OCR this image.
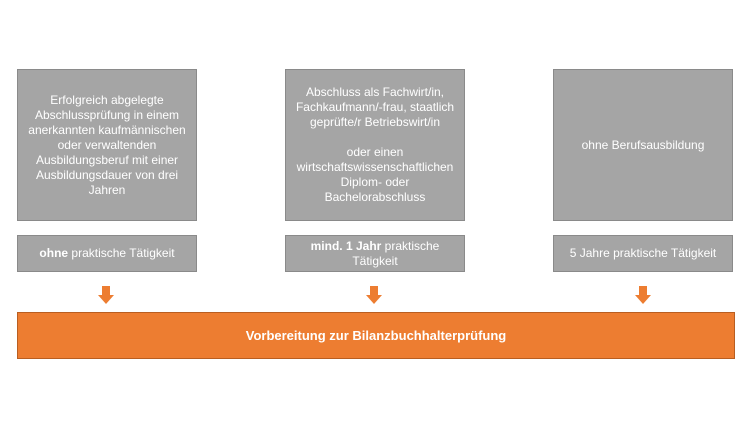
Erfolgreich abgelegte Abschlussprüfung in einem anerkannten kaufmännischen oder verwaltenden Ausbildungsberuf mit einer Ausbildungsdauer von drei Jahren
ohne praktische Tätigkeit
Abschluss als Fachwirt/in, Fachkaufmann/-frau, staatlich geprüfte/r Betriebswirt/in
oder einen wirtschaftswissenschaftlichen Diplom- oder Bachelorabschluss
mind. 1 Jahr praktische Tätigkeit
ohne Berufsausbildung
5 Jahre praktische Tätigkeit
Vorbereitung zur Bilanzbuchhalterprüfung
